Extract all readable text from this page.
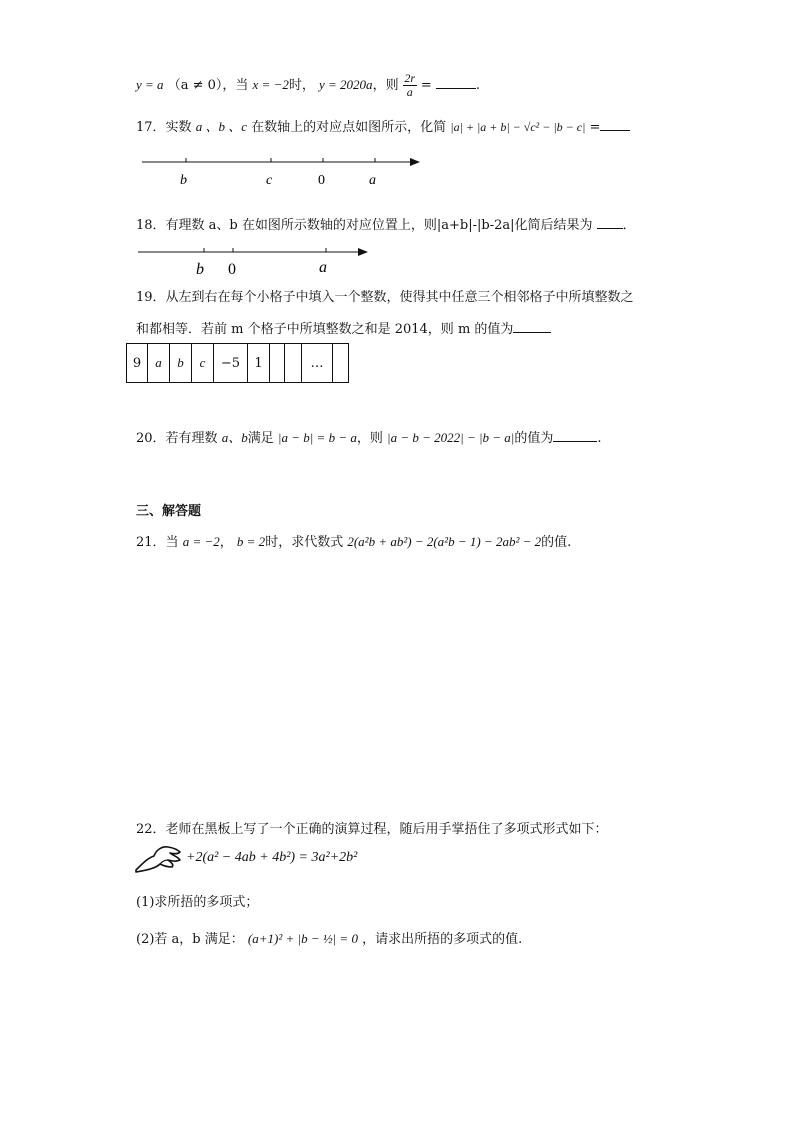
y = a （a ≠ 0），当 x = −2时， y = 2020a，则 $\frac{2r}{a}$ =	.
17．实数 a 、b 、c 在数轴上的对应点如图所示，化简 |a| + |a + b| − √c² − |b − c| =
b	c	0	a
18．有理数 a、b 在如图所示数轴的对应位置上，则|a+b|-|b-2a|化简后结果为 ．
b 0	a
19．从左到右在每个小格子中填入一个整数，使得其中任意三个相邻格子中所填整数之
和都相等．若前 m 个格子中所填整数之和是 2014，则 m 的值为
9	a	b	c	−5	1			…	
20．若有理数 a、b满足 |a − b| = b − a，则 |a − b − 2022| − |b − a|的值为	.
三、解答题
21．当 a = −2， b = 2时，求代数式 2(a²b + ab²) − 2(a²b − 1) − 2ab² − 2的值.
22．老师在黑板上写了一个正确的演算过程，随后用手掌捂住了多项式形式如下：
+2(a² − 4ab + 4b²) = 3a²+2b²
(1)求所捂的多项式；
(2)若 a，b 满足： (a+1)² + |b − ½| = 0 ，请求出所捂的多项式的值.
